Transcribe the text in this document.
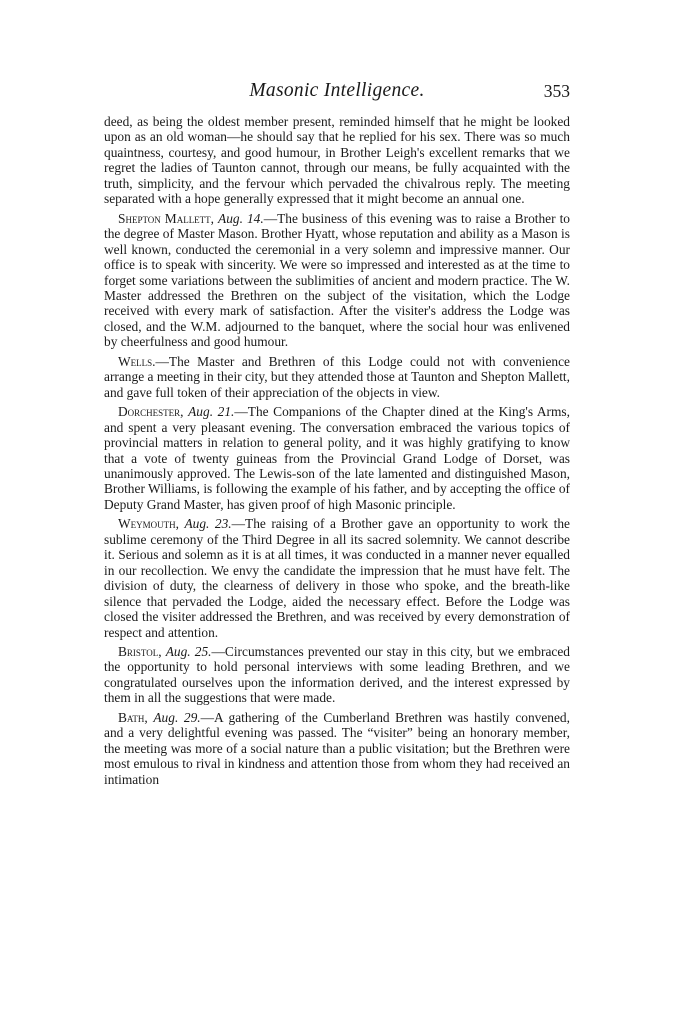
Masonic Intelligence.	353

deed, as being the oldest member present, reminded himself that he might be looked upon as an old woman—he should say that he replied for his sex. There was so much quaintness, courtesy, and good humour, in Brother Leigh's excellent remarks that we regret the ladies of Taunton cannot, through our means, be fully acquainted with the truth, simplicity, and the fervour which pervaded the chivalrous reply. The meeting separated with a hope generally expressed that it might become an annual one.

Shepton Mallett, Aug. 14.—The business of this evening was to raise a Brother to the degree of Master Mason. Brother Hyatt, whose reputation and ability as a Mason is well known, conducted the ceremonial in a very solemn and impressive manner. Our office is to speak with sincerity. We were so impressed and interested as at the time to forget some variations between the sublimities of ancient and modern practice. The W. Master addressed the Brethren on the subject of the visitation, which the Lodge received with every mark of satisfaction. After the visiter's address the Lodge was closed, and the W.M. adjourned to the banquet, where the social hour was enlivened by cheerfulness and good humour.

Wells.—The Master and Brethren of this Lodge could not with convenience arrange a meeting in their city, but they attended those at Taunton and Shepton Mallett, and gave full token of their appreciation of the objects in view.

Dorchester, Aug. 21.—The Companions of the Chapter dined at the King's Arms, and spent a very pleasant evening. The conversation embraced the various topics of provincial matters in relation to general polity, and it was highly gratifying to know that a vote of twenty guineas from the Provincial Grand Lodge of Dorset, was unanimously approved. The Lewis-son of the late lamented and distinguished Mason, Brother Williams, is following the example of his father, and by accepting the office of Deputy Grand Master, has given proof of high Masonic principle.

Weymouth, Aug. 23.—The raising of a Brother gave an opportunity to work the sublime ceremony of the Third Degree in all its sacred solemnity. We cannot describe it. Serious and solemn as it is at all times, it was conducted in a manner never equalled in our recollection. We envy the candidate the impression that he must have felt. The division of duty, the clearness of delivery in those who spoke, and the breath-like silence that pervaded the Lodge, aided the necessary effect. Before the Lodge was closed the visiter addressed the Brethren, and was received by every demonstration of respect and attention.

Bristol, Aug. 25.—Circumstances prevented our stay in this city, but we embraced the opportunity to hold personal interviews with some leading Brethren, and we congratulated ourselves upon the information derived, and the interest expressed by them in all the suggestions that were made.

Bath, Aug. 29.—A gathering of the Cumberland Brethren was hastily convened, and a very delightful evening was passed. The “visiter” being an honorary member, the meeting was more of a social nature than a public visitation; but the Brethren were most emulous to rival in kindness and attention those from whom they had received an intimation
